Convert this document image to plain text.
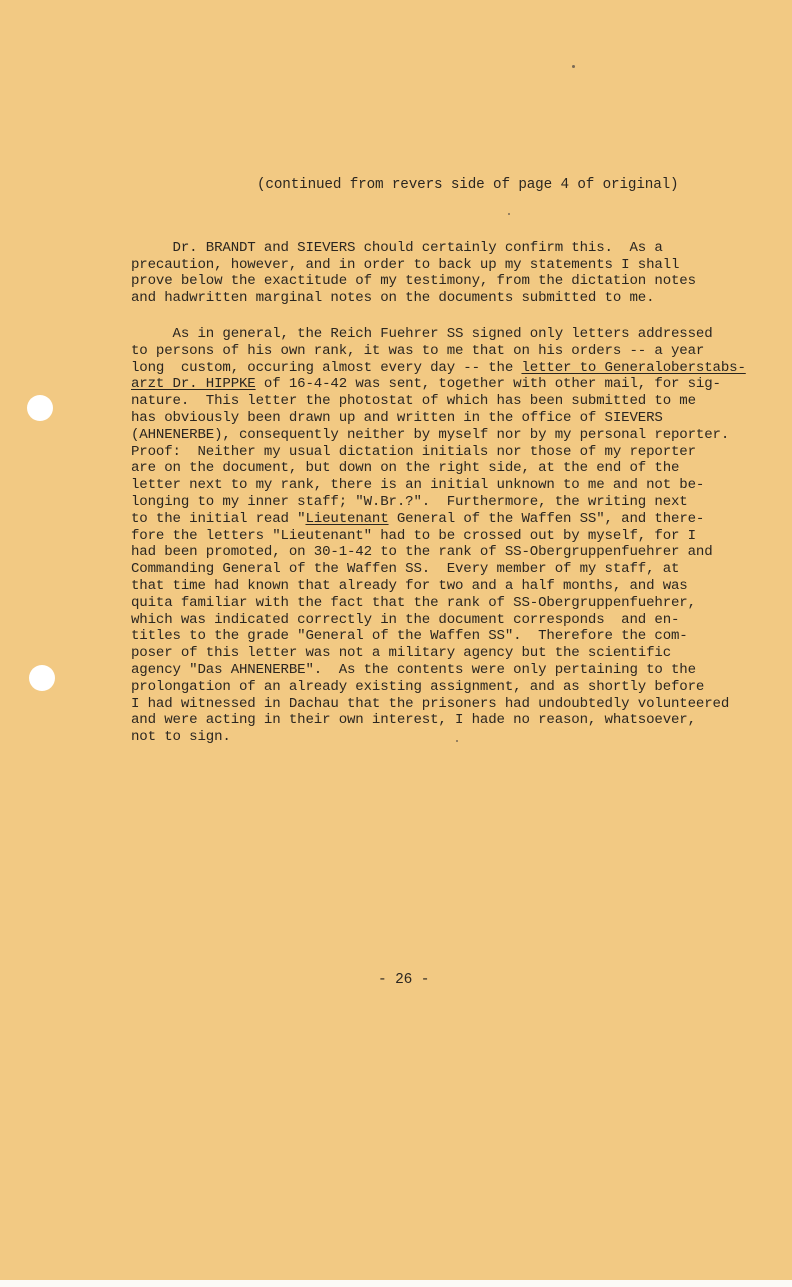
(continued from revers side of page 4 of original)
Dr. BRANDT and SIEVERS chould certainly confirm this.  As a
precaution, however, and in order to back up my statements I shall
prove below the exactitude of my testimony, from the dictation notes
and hadwritten marginal notes on the documents submitted to me.
As in general, the Reich Fuehrer SS signed only letters addressed
to persons of his own rank, it was to me that on his orders -- a year
long  custom, occuring almost every day -- the letter to Generaloberstabs-
arzt Dr. HIPPKE of 16-4-42 was sent, together with other mail, for sig-
nature.  This letter the photostat of which has been submitted to me
has obviously been drawn up and written in the office of SIEVERS
(AHNENERBE), consequently neither by myself nor by my personal reporter.
Proof:  Neither my usual dictation initials nor those of my reporter
are on the document, but down on the right side, at the end of the
letter next to my rank, there is an initial unknown to me and not be-
longing to my inner staff; "W.Br.?".  Furthermore, the writing next
to the initial read "Lieutenant General of the Waffen SS", and there-
fore the letters "Lieutenant" had to be crossed out by myself, for I
had been promoted, on 30-1-42 to the rank of SS-Obergruppenfuehrer and
Commanding General of the Waffen SS.  Every member of my staff, at
that time had known that already for two and a half months, and was
quita familiar with the fact that the rank of SS-Obergruppenfuehrer,
which was indicated correctly in the document corresponds  and en-
titles to the grade "General of the Waffen SS".  Therefore the com-
poser of this letter was not a military agency but the scientific
agency "Das AHNENERBE".  As the contents were only pertaining to the
prolongation of an already existing assignment, and as shortly before
I had witnessed in Dachau that the prisoners had undoubtedly volunteered
and were acting in their own interest, I hade no reason, whatsoever,
not to sign.
- 26 -
